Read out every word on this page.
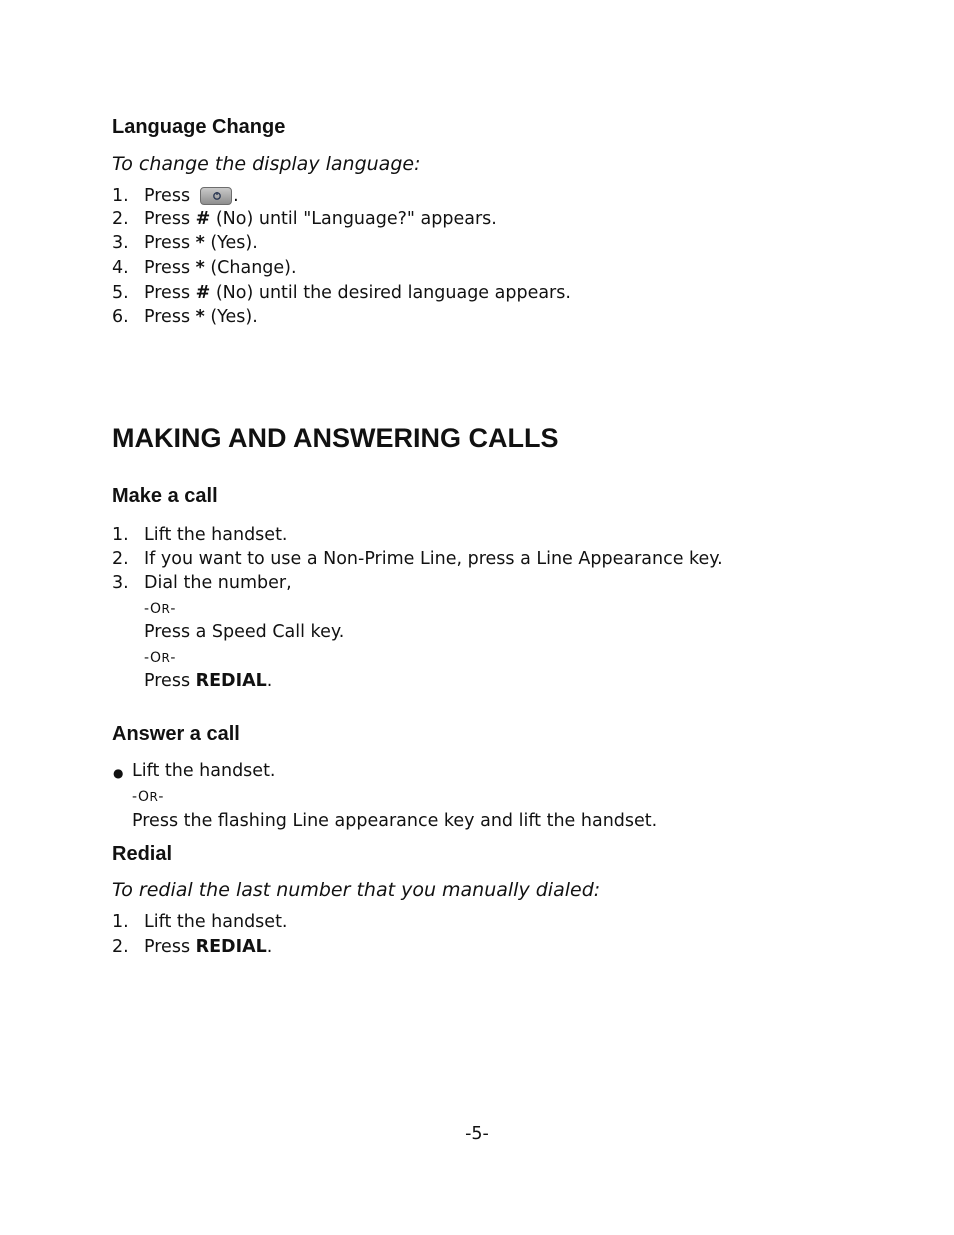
Language Change
To change the display language:
1. Press .
2. Press # (No) until "Language?" appears.
3. Press * (Yes).
4. Press * (Change).
5. Press # (No) until the desired language appears.
6. Press * (Yes).
MAKING AND ANSWERING CALLS
Make a call
1. Lift the handset.
2. If you want to use a Non-Prime Line, press a Line Appearance key.
3. Dial the number,
-OR-
Press a Speed Call key.
-OR-
Press REDIAL.
Answer a call
● Lift the handset.
-OR-
Press the flashing Line appearance key and lift the handset.
Redial
To redial the last number that you manually dialed:
1. Lift the handset.
2. Press REDIAL.
-5-
